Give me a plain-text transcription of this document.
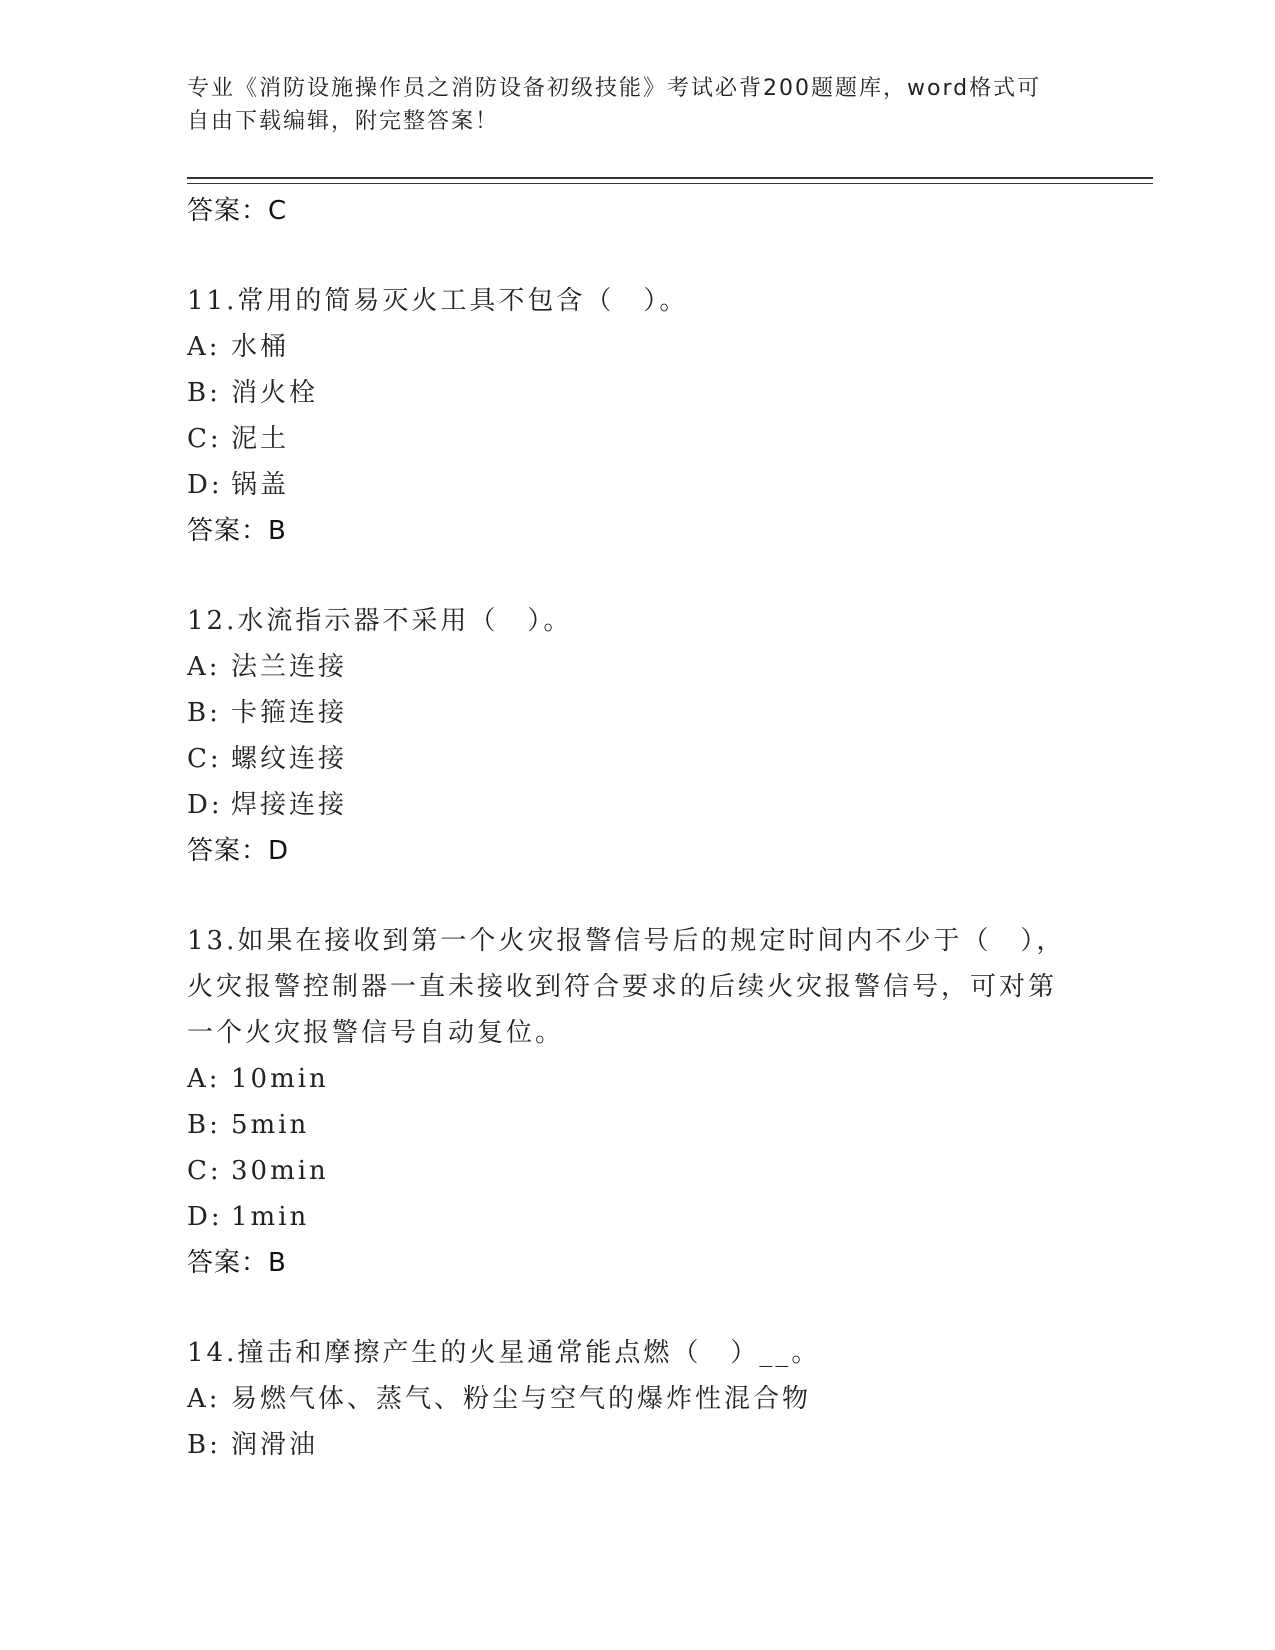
专业《消防设施操作员之消防设备初级技能》考试必背200题题库，word格式可
自由下载编辑，附完整答案！
答案：C
11.常用的简易灭火工具不包含（　）。
A: 水桶
B: 消火栓
C: 泥土
D: 锅盖
答案：B
12.水流指示器不采用（　）。
A: 法兰连接
B: 卡箍连接
C: 螺纹连接
D: 焊接连接
答案：D
13.如果在接收到第一个火灾报警信号后的规定时间内不少于（　），
火灾报警控制器一直未接收到符合要求的后续火灾报警信号，可对第
一个火灾报警信号自动复位。
A: 10min
B: 5min
C: 30min
D: 1min
答案：B
14.撞击和摩擦产生的火星通常能点燃（　）__。
A: 易燃气体、蒸气、粉尘与空气的爆炸性混合物
B: 润滑油
